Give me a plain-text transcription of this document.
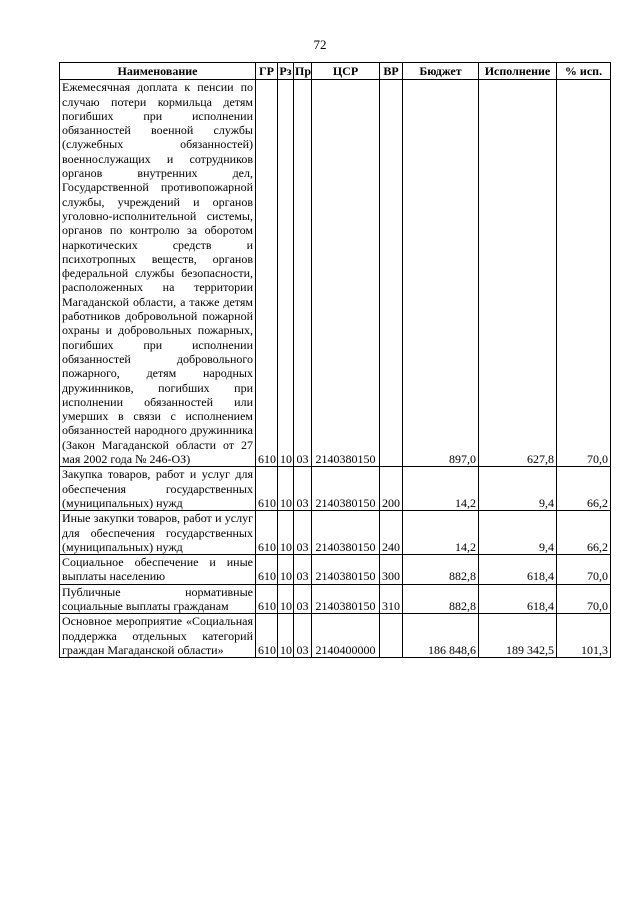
72
Наименование	ГР	Рз	Пр	ЦСР	ВР	Бюджет	Исполнение	% исп.
Ежемесячная доплата к пенсии по случаю потери кормильца детям погибших при исполнении обязанностей военной службы (служебных обязанностей) военнослужащих и сотрудников органов внутренних дел, Государственной противопожарной службы, учреждений и органов уголовно-исполнительной системы, органов по контролю за оборотом наркотических средств и психотропных веществ, органов федеральной службы безопасности, расположенных на территории Магаданской области, а также детям работников добровольной пожарной охраны и добровольных пожарных, погибших при исполнении обязанностей добровольного пожарного, детям народных дружинников, погибших при исполнении обязанностей или умерших в связи с исполнением обязанностей народного дружинника (Закон Магаданской области от 27 мая 2002 года № 246-ОЗ)	610	10	03	2140380150		897,0	627,8	70,0
Закупка товаров, работ и услуг для обеспечения государственных (муниципальных) нужд	610	10	03	2140380150	200	14,2	9,4	66,2
Иные закупки товаров, работ и услуг для обеспечения государственных (муниципальных) нужд	610	10	03	2140380150	240	14,2	9,4	66,2
Социальное обеспечение и иные выплаты населению	610	10	03	2140380150	300	882,8	618,4	70,0
Публичные нормативные социальные выплаты гражданам	610	10	03	2140380150	310	882,8	618,4	70,0
Основное мероприятие «Социальная поддержка отдельных категорий граждан Магаданской области»	610	10	03	2140400000		186 848,6	189 342,5	101,3
